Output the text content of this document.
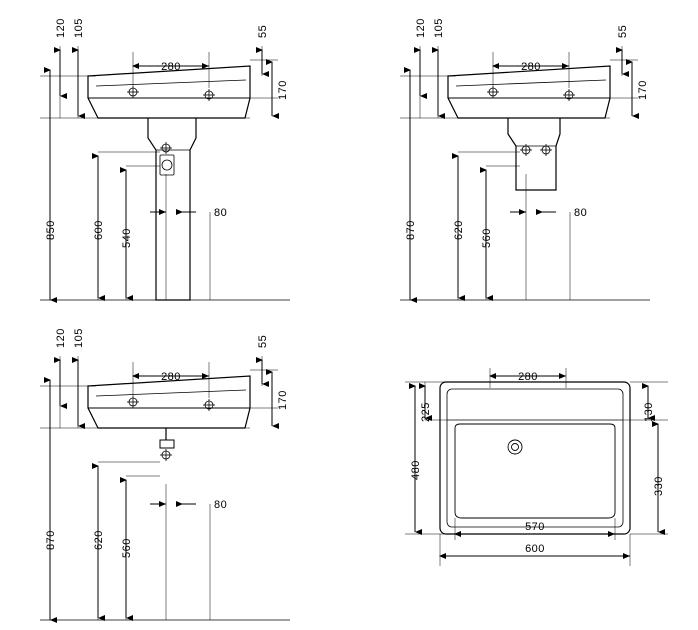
850
120 105
280
55
170
600 540
80
870
120 105
280
55
170
620 560
80
870
120 105
280
55
170
620 560
80
480
225	130
330
280
570
600
